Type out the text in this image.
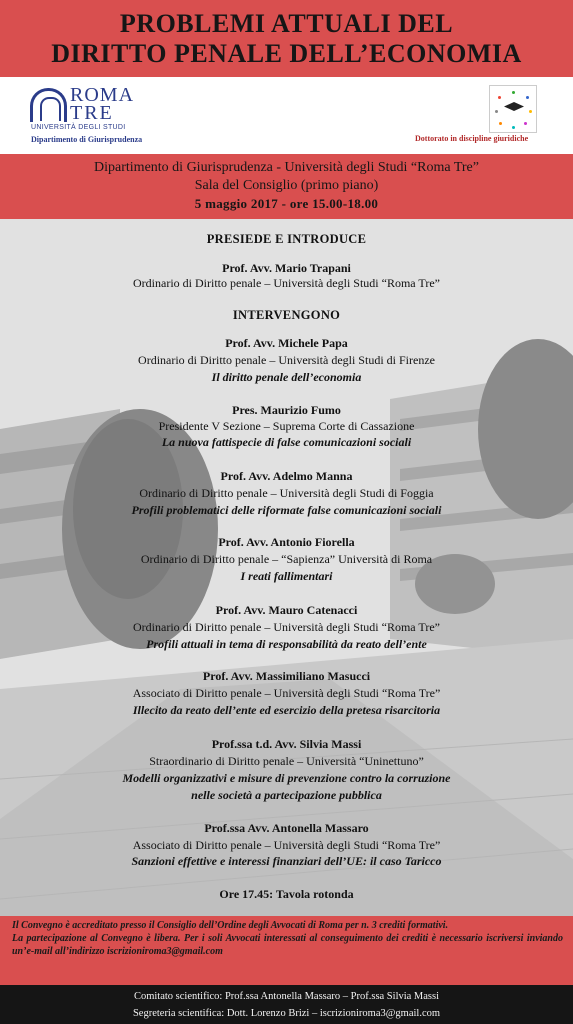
PROBLEMI ATTUALI DEL
DIRITTO PENALE DELL’ECONOMIA
ROMA
TRE
UNIVERSITÀ DEGLI STUDI
Dipartimento di Giurisprudenza	Dottorato in discipline giuridiche
Dipartimento di Giurisprudenza - Università degli Studi “Roma Tre”
Sala del Consiglio (primo piano)
5 maggio 2017 - ore 15.00-18.00
PRESIEDE E INTRODUCE
Prof. Avv. Mario Trapani
Ordinario di Diritto penale – Università degli Studi “Roma Tre”
INTERVENGONO
Prof. Avv. Michele Papa
Ordinario di Diritto penale – Università degli Studi di Firenze
Il diritto penale dell’economia
Pres. Maurizio Fumo
Presidente V Sezione – Suprema Corte di Cassazione
La nuova fattispecie di false comunicazioni sociali
Prof. Avv. Adelmo Manna
Ordinario di Diritto penale – Università degli Studi di Foggia
Profili problematici delle riformate false comunicazioni sociali
Prof. Avv. Antonio Fiorella
Ordinario di Diritto penale – “Sapienza” Università di Roma
I reati fallimentari
Prof. Avv. Mauro Catenacci
Ordinario di Diritto penale – Università degli Studi “Roma Tre”
Profili attuali in tema di responsabilità da reato dell’ente
Prof. Avv. Massimiliano Masucci
Associato di Diritto penale – Università degli Studi “Roma Tre”
Illecito da reato dell’ente ed esercizio della pretesa risarcitoria
Prof.ssa t.d. Avv. Silvia Massi
Straordinario di Diritto penale – Università “Uninettuno”
Modelli organizzativi e misure di prevenzione contro la corruzione
nelle società a partecipazione pubblica
Prof.ssa Avv. Antonella Massaro
Associato di Diritto penale – Università degli Studi “Roma Tre”
Sanzioni effettive e interessi finanziari dell’UE: il caso Taricco
Ore 17.45: Tavola rotonda

Il Convegno è accreditato presso il Consiglio dell’Ordine degli Avvocati di Roma per n. 3 crediti formativi.

La partecipazione al Convegno è libera. Per i soli Avvocati interessati al conseguimento dei crediti è necessario iscriversi inviando un’e-mail all’indirizzo iscrizioniroma3@gmail.com

Comitato scientifico: Prof.ssa Antonella Massaro – Prof.ssa Silvia Massi
Segreteria scientifica: Dott. Lorenzo Brizi – iscrizioniroma3@gmail.com
